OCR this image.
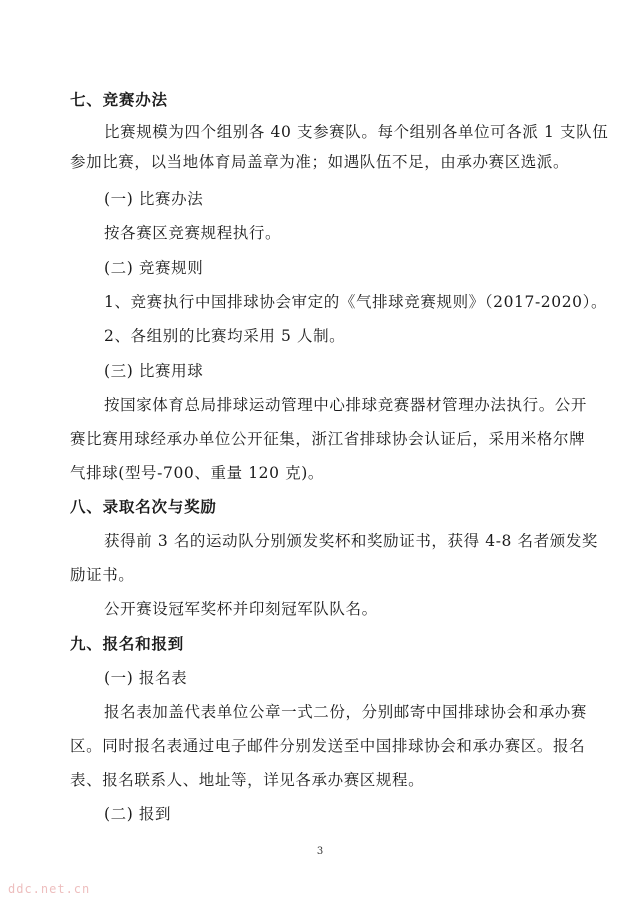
七、竞赛办法
比赛规模为四个组别各 40 支参赛队。每个组别各单位可各派 1 支队伍
参加比赛，以当地体育局盖章为准；如遇队伍不足，由承办赛区选派。
(一) 比赛办法
按各赛区竞赛规程执行。
(二) 竞赛规则
1、竞赛执行中国排球协会审定的《气排球竞赛规则》（2017-2020）。
2、各组别的比赛均采用 5 人制。
(三) 比赛用球
按国家体育总局排球运动管理中心排球竞赛器材管理办法执行。公开
赛比赛用球经承办单位公开征集，浙江省排球协会认证后，采用米格尔牌
气排球(型号-700、重量 120 克)。
八、录取名次与奖励
获得前 3 名的运动队分别颁发奖杯和奖励证书，获得 4-8 名者颁发奖
励证书。
公开赛设冠军奖杯并印刻冠军队队名。
九、报名和报到
(一) 报名表
报名表加盖代表单位公章一式二份，分别邮寄中国排球协会和承办赛
区。同时报名表通过电子邮件分别发送至中国排球协会和承办赛区。报名
表、报名联系人、地址等，详见各承办赛区规程。
(二) 报到
3
ddc.net.cn
